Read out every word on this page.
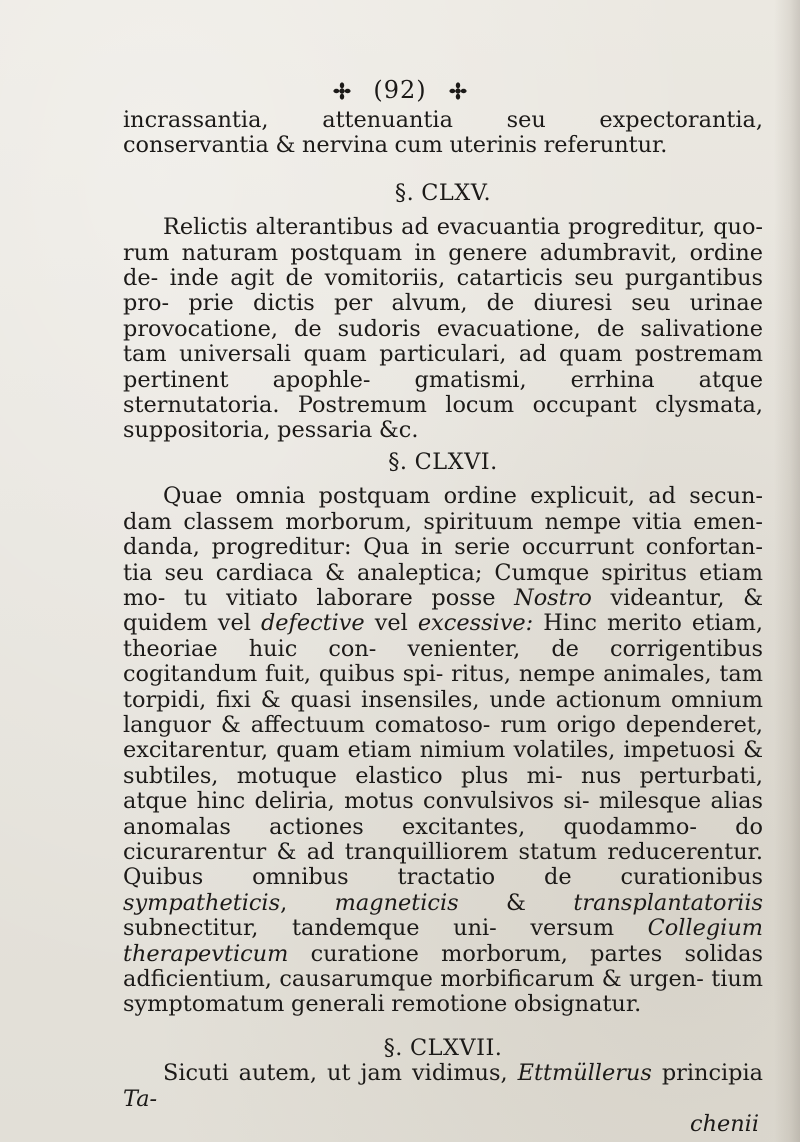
(92)

incrassantia, attenuantia seu expectorantia, conservantia & nervina cum uterinis referuntur.

§. CLXV.

Relictis alterantibus ad evacuantia progreditur, quo- rum naturam postquam in genere adumbravit, ordine de- inde agit de vomitoriis, catarticis seu purgantibus pro- prie dictis per alvum, de diuresi seu urinae provocatione, de sudoris evacuatione, de salivatione tam universali quam particulari, ad quam postremam pertinent apophle- gmatismi, errhina atque sternutatoria. Postremum locum occupant clysmata, suppositoria, pessaria &c.

§. CLXVI.

Quae omnia postquam ordine explicuit, ad secun- dam classem morborum, spirituum nempe vitia emen- danda, progreditur: Qua in serie occurrunt confortan- tia seu cardiaca & analeptica; Cumque spiritus etiam mo- tu vitiato laborare posse Nostro videantur, & quidem vel defective vel excessive: Hinc merito etiam, theoriae huic con- venienter, de corrigentibus cogitandum fuit, quibus spi- ritus, nempe animales, tam torpidi, fixi & quasi insensiles, unde actionum omnium languor & affectuum comatoso- rum origo dependeret, excitarentur, quam etiam nimium volatiles, impetuosi & subtiles, motuque elastico plus mi- nus perturbati, atque hinc deliria, motus convulsivos si- milesque alias anomalas actiones excitantes, quodammo- do cicurarentur & ad tranquilliorem statum reducerentur. Quibus omnibus tractatio de curationibus sympatheticis, magneticis & transplantatoriis subnectitur, tandemque uni- versum Collegium therapevticum curatione morborum, partes solidas adficientium, causarumque morbificarum & urgen- tium symptomatum generali remotione obsignatur.

§. CLXVII.

Sicuti autem, ut jam vidimus, Ettmüllerus principia Ta-

chenii
